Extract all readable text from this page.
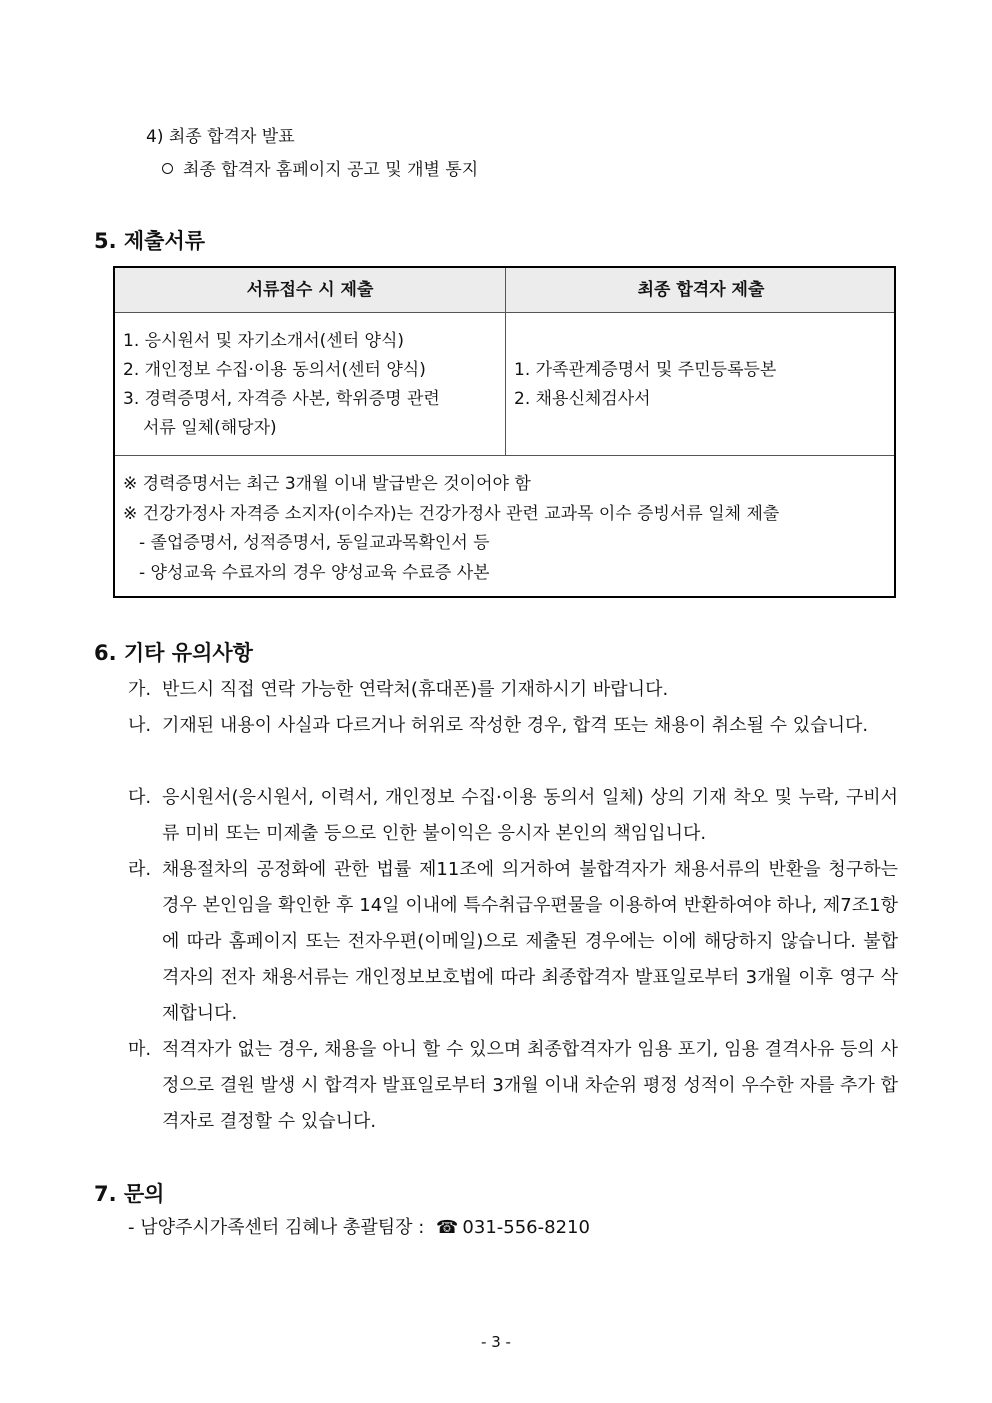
4) 최종 합격자 발표
최종 합격자 홈페이지 공고 및 개별 통지
5. 제출서류
서류접수 시 제출	최종 합격자 제출
1. 응시원서 및 자기소개서(센터 양식)
2. 개인정보 수집·이용 동의서(센터 양식)
3. 경력증명서, 자격증 사본, 학위증명 관련
서류 일체(해당자)
1. 가족관계증명서 및 주민등록등본
2. 채용신체검사서
※ 경력증명서는 최근 3개월 이내 발급받은 것이어야 함
※ 건강가정사 자격증 소지자(이수자)는 건강가정사 관련 교과목 이수 증빙서류 일체 제출
- 졸업증명서, 성적증명서, 동일교과목확인서 등
- 양성교육 수료자의 경우 양성교육 수료증 사본
6. 기타 유의사항
가. 반드시 직접 연락 가능한 연락처(휴대폰)를 기재하시기 바랍니다.
나. 기재된 내용이 사실과 다르거나 허위로 작성한 경우, 합격 또는 채용이 취소될 수 있습니다.
다. 응시원서(응시원서, 이력서, 개인정보 수집·이용 동의서 일체) 상의 기재 착오 및 누락, 구비서류 미비 또는 미제출 등으로 인한 불이익은 응시자 본인의 책임입니다.
라. 채용절차의 공정화에 관한 법률 제11조에 의거하여 불합격자가 채용서류의 반환을 청구하는 경우 본인임을 확인한 후 14일 이내에 특수취급우편물을 이용하여 반환하여야 하나, 제7조1항에 따라 홈페이지 또는 전자우편(이메일)으로 제출된 경우에는 이에 해당하지 않습니다. 불합격자의 전자 채용서류는 개인정보보호법에 따라 최종합격자 발표일로부터 3개월 이후 영구 삭제합니다.
마. 적격자가 없는 경우, 채용을 아니 할 수 있으며 최종합격자가 임용 포기, 임용 결격사유 등의 사정으로 결원 발생 시 합격자 발표일로부터 3개월 이내 차순위 평정 성적이 우수한 자를 추가 합격자로 결정할 수 있습니다.
7. 문의
- 남양주시가족센터 김혜나 총괄팀장 : ☎ 031-556-8210
- 3 -
